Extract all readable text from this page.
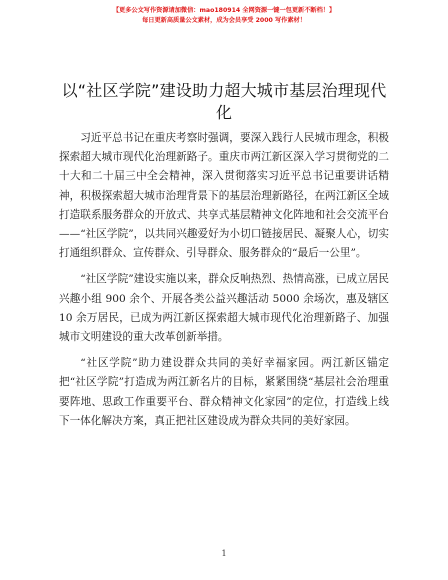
【更多公文写作资源请加微信：mao180914 全网资源一键一包更新不断档！】
每日更新高质量公文素材，成为会员享受 2000 写作素材！
以“社区学院”建设助力超大城市基层治理现代化

习近平总书记在重庆考察时强调，要深入践行人民城市理念，积极探索超大城市现代化治理新路子。重庆市两江新区深入学习贯彻党的二十大和二十届三中全会精神，深入贯彻落实习近平总书记重要讲话精神，积极探索超大城市治理背景下的基层治理新路径，在两江新区全域打造联系服务群众的开放式、共享式基层精神文化阵地和社会交流平台——“社区学院”，以共同兴趣爱好为小切口链接居民、凝聚人心，切实打通组织群众、宣传群众、引导群众、服务群众的“最后一公里”。

“社区学院”建设实施以来，群众反响热烈、热情高涨，已成立居民兴趣小组 900 余个、开展各类公益兴趣活动 5000 余场次，惠及辖区 10 余万居民，已成为两江新区探索超大城市现代化治理新路子、加强城市文明建设的重大改革创新举措。

“社区学院”助力建设群众共同的美好幸福家园。两江新区锚定把“社区学院”打造成为两江新名片的目标，紧紧围绕“基层社会治理重要阵地、思政工作重要平台、群众精神文化家园”的定位，打造线上线下一体化解决方案，真正把社区建设成为群众共同的美好家园。

1
